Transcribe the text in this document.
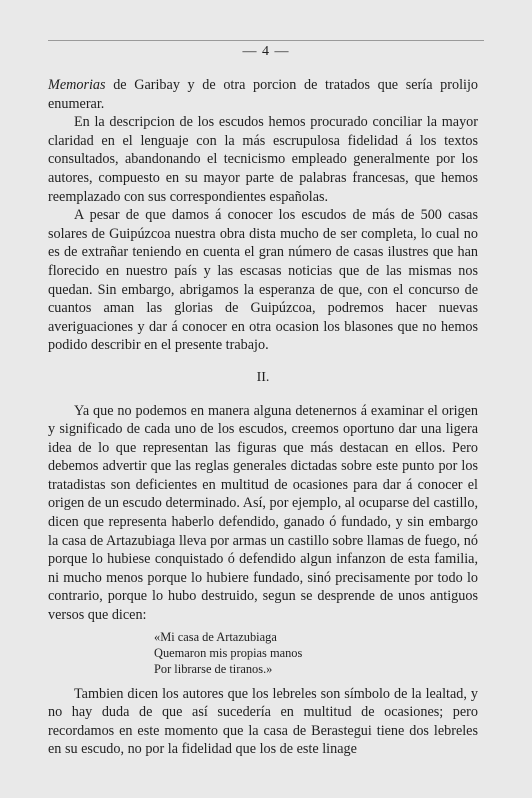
— 4 —

Memorias de Garibay y de otra porcion de tratados que sería prolijo enumerar.

En la descripcion de los escudos hemos procurado conciliar la mayor claridad en el lenguaje con la más escrupulosa fidelidad á los textos consultados, abandonando el tecnicismo empleado generalmente por los autores, compuesto en su mayor parte de palabras francesas, que hemos reemplazado con sus correspondientes españolas.

A pesar de que damos á conocer los escudos de más de 500 casas solares de Guipúzcoa nuestra obra dista mucho de ser completa, lo cual no es de extrañar teniendo en cuenta el gran número de casas ilustres que han florecido en nuestro país y las escasas noticias que de las mismas nos quedan. Sin embargo, abrigamos la esperanza de que, con el concurso de cuantos aman las glorias de Guipúzcoa, podremos hacer nuevas averiguaciones y dar á conocer en otra ocasion los blasones que no hemos podido describir en el presente trabajo.

II.

Ya que no podemos en manera alguna detenernos á examinar el origen y significado de cada uno de los escudos, creemos oportuno dar una ligera idea de lo que representan las figuras que más destacan en ellos. Pero debemos advertir que las reglas generales dictadas sobre este punto por los tratadistas son deficientes en multitud de ocasiones para dar á conocer el origen de un escudo determinado. Así, por ejemplo, al ocuparse del castillo, dicen que representa haberlo defendido, ganado ó fundado, y sin embargo la casa de Artazubiaga lleva por armas un castillo sobre llamas de fuego, nó porque lo hubiese conquistado ó defendido algun infanzon de esta familia, ni mucho menos porque lo hubiere fundado, sinó precisamente por todo lo contrario, porque lo hubo destruido, segun se desprende de unos antiguos versos que dicen:

«Mi casa de Artazubiaga
Quemaron mis propias manos
Por librarse de tiranos.»

Tambien dicen los autores que los lebreles son símbolo de la lealtad, y no hay duda de que así sucedería en multitud de ocasiones; pero recordamos en este momento que la casa de Berastegui tiene dos lebreles en su escudo, no por la fidelidad que los de este linage
